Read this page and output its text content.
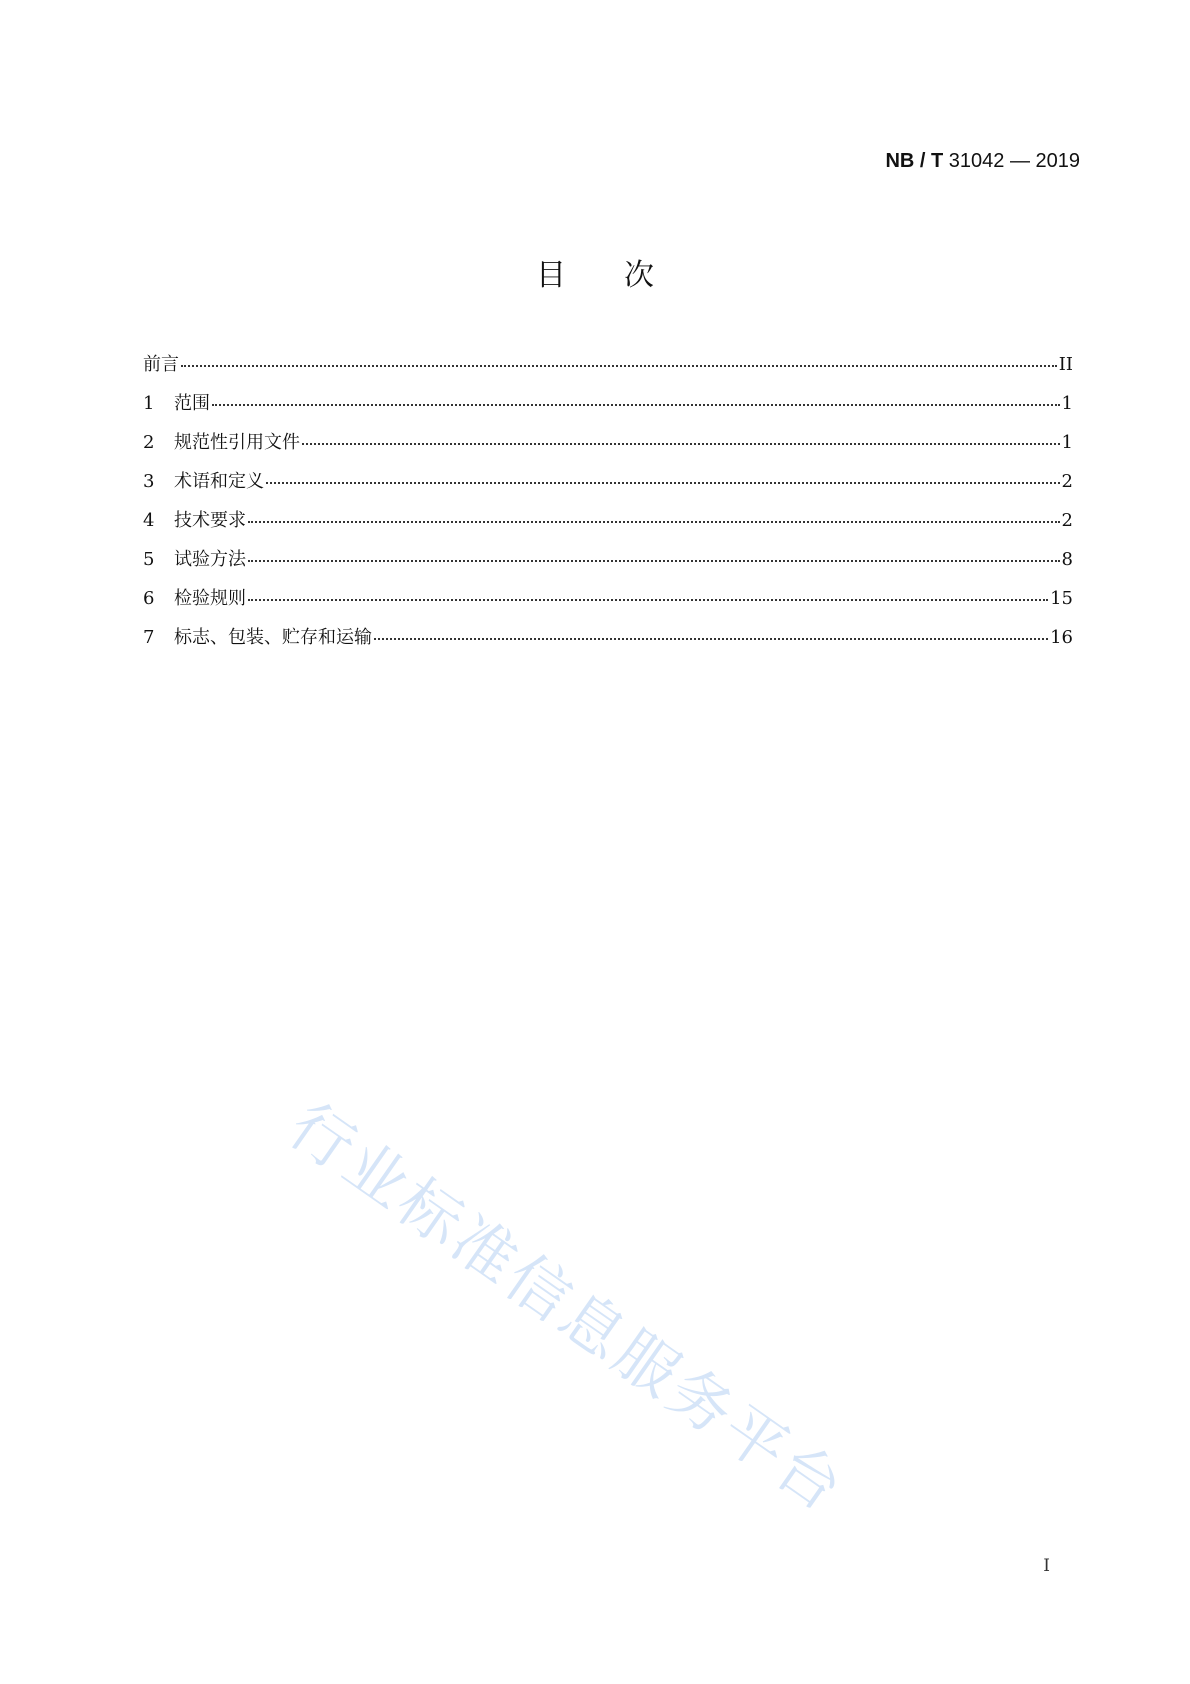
NB / T 31042 — 2019
目次
前言	II
1	范围	1
2	规范性引用文件	1
3	术语和定义	2
4	技术要求	2
5	试验方法	8
6	检验规则	15
7	标志、包装、贮存和运输	16
行业标准信息服务平台
I
